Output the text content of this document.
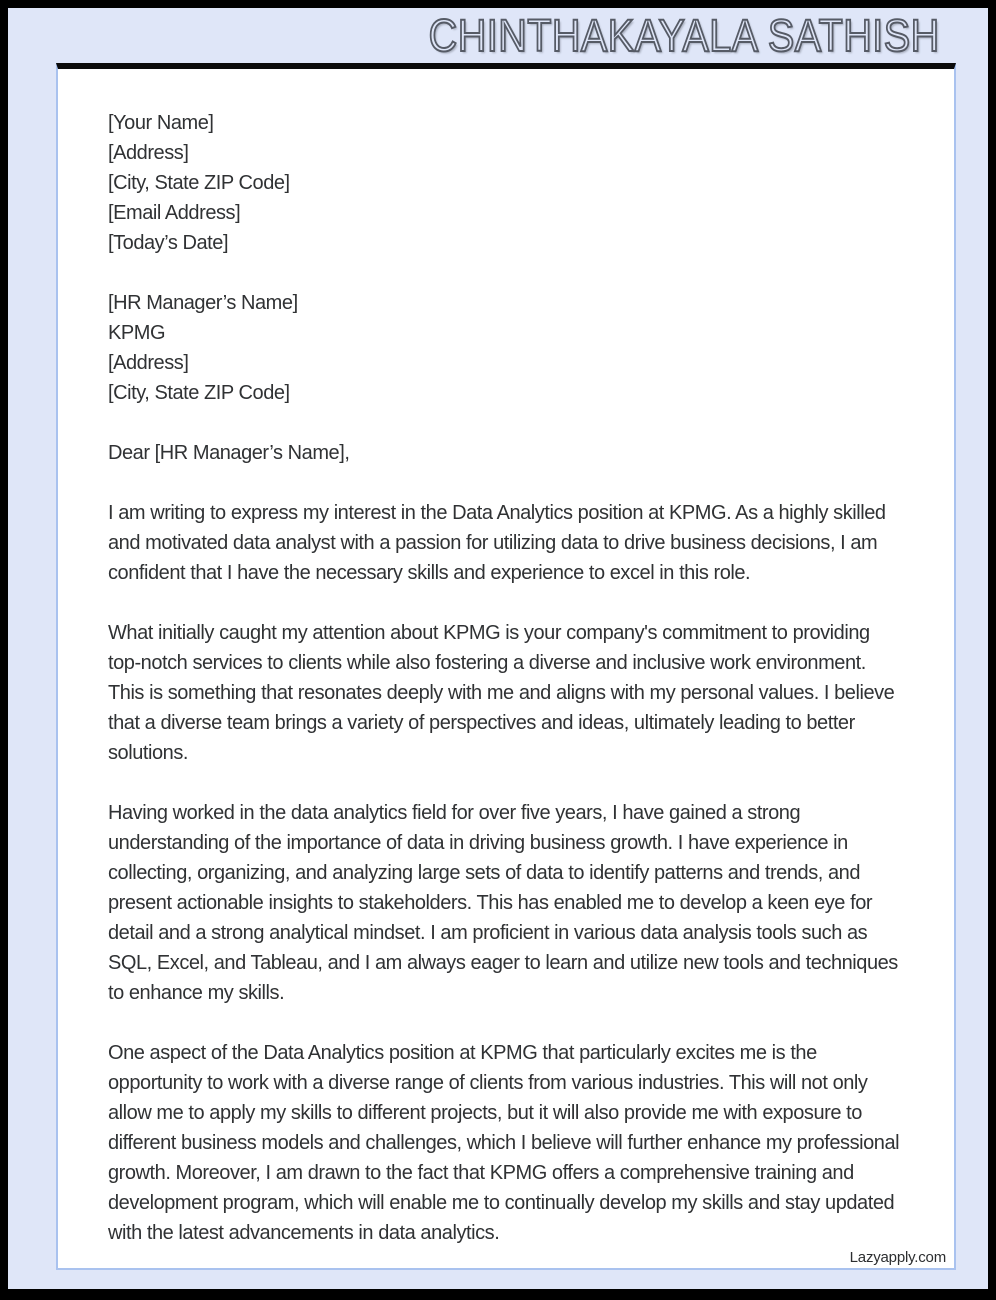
CHINTHAKAYALA SATHISH
[Your Name]
[Address]
[City, State ZIP Code]
[Email Address]
[Today’s Date]
[HR Manager’s Name]
KPMG
[Address]
[City, State ZIP Code]
Dear [HR Manager’s Name],

I am writing to express my interest in the Data Analytics position at KPMG. As a highly skilled and motivated data analyst with a passion for utilizing data to drive business decisions, I am confident that I have the necessary skills and experience to excel in this role.

What initially caught my attention about KPMG is your company's commitment to providing top-notch services to clients while also fostering a diverse and inclusive work environment. This is something that resonates deeply with me and aligns with my personal values. I believe that a diverse team brings a variety of perspectives and ideas, ultimately leading to better solutions.

Having worked in the data analytics field for over five years, I have gained a strong understanding of the importance of data in driving business growth. I have experience in collecting, organizing, and analyzing large sets of data to identify patterns and trends, and present actionable insights to stakeholders. This has enabled me to develop a keen eye for detail and a strong analytical mindset. I am proficient in various data analysis tools such as SQL, Excel, and Tableau, and I am always eager to learn and utilize new tools and techniques to enhance my skills.

One aspect of the Data Analytics position at KPMG that particularly excites me is the opportunity to work with a diverse range of clients from various industries. This will not only allow me to apply my skills to different projects, but it will also provide me with exposure to different business models and challenges, which I believe will further enhance my professional growth. Moreover, I am drawn to the fact that KPMG offers a comprehensive training and development program, which will enable me to continually develop my skills and stay updated with the latest advancements in data analytics.

Lazyapply.com
